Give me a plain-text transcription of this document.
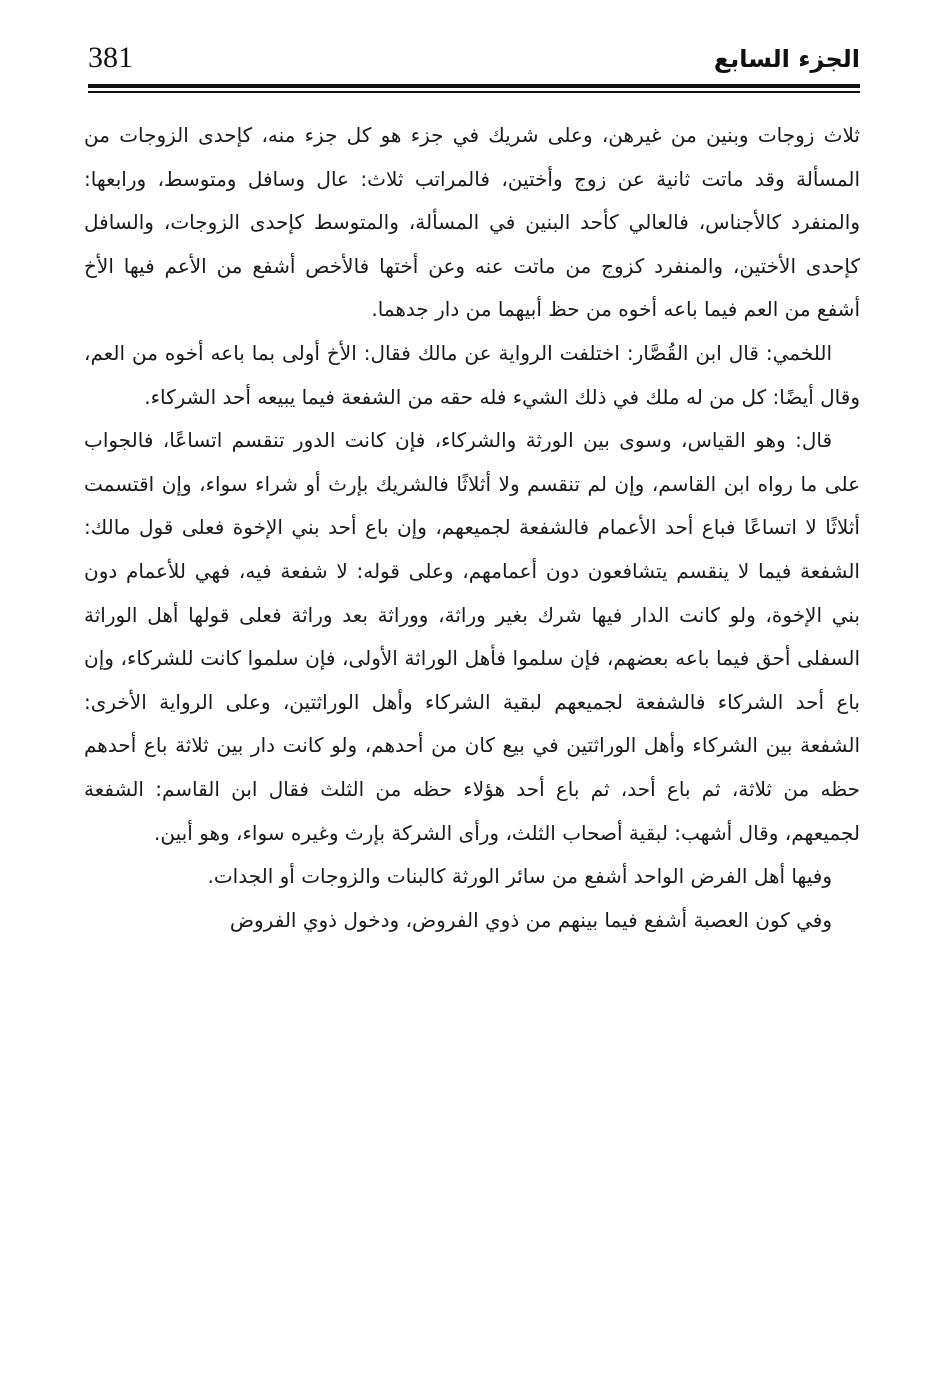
381	الجزء السابع

ثلاث زوجات وبنين من غيرهن، وعلى شريك في جزء هو كل جزء منه، كإحدى الزوجات من المسألة وقد ماتت ثانية عن زوج وأختين، فالمراتب ثلاث: عال وسافل ومتوسط، ورابعها: والمنفرد كالأجناس، فالعالي كأحد البنين في المسألة، والمتوسط كإحدى الزوجات، والسافل كإحدى الأختين، والمنفرد كزوج من ماتت عنه وعن أختها فالأخص أشفع من الأعم فيها الأخ أشفع من العم فيما باعه أخوه من حظ أبيهما من دار جدهما.

اللخمي: قال ابن القُصَّار: اختلفت الرواية عن مالك فقال: الأخ أولى بما باعه أخوه من العم، وقال أيضًا: كل من له ملك في ذلك الشيء فله حقه من الشفعة فيما يبيعه أحد الشركاء.

قال: وهو القياس، وسوى بين الورثة والشركاء، فإن كانت الدور تنقسم اتساعًا، فالجواب على ما رواه ابن القاسم، وإن لم تنقسم ولا أثلاثًا فالشريك بإرث أو شراء سواء، وإن اقتسمت أثلاثًا لا اتساعًا فباع أحد الأعمام فالشفعة لجميعهم، وإن باع أحد بني الإخوة فعلى قول مالك: الشفعة فيما لا ينقسم يتشافعون دون أعمامهم، وعلى قوله: لا شفعة فيه، فهي للأعمام دون بني الإخوة، ولو كانت الدار فيها شرك بغير وراثة، ووراثة بعد وراثة فعلى قولها أهل الوراثة السفلى أحق فيما باعه بعضهم، فإن سلموا فأهل الوراثة الأولى، فإن سلموا كانت للشركاء، وإن باع أحد الشركاء فالشفعة لجميعهم لبقية الشركاء وأهل الوراثتين، وعلى الرواية الأخرى: الشفعة بين الشركاء وأهل الوراثتين في بيع كان من أحدهم، ولو كانت دار بين ثلاثة باع أحدهم حظه من ثلاثة، ثم باع أحد، ثم باع أحد هؤلاء حظه من الثلث فقال ابن القاسم: الشفعة لجميعهم، وقال أشهب: لبقية أصحاب الثلث، ورأى الشركة بإرث وغيره سواء، وهو أبين.

وفيها أهل الفرض الواحد أشفع من سائر الورثة كالبنات والزوجات أو الجدات.

وفي كون العصبة أشفع فيما بينهم من ذوي الفروض، ودخول ذوي الفروض
